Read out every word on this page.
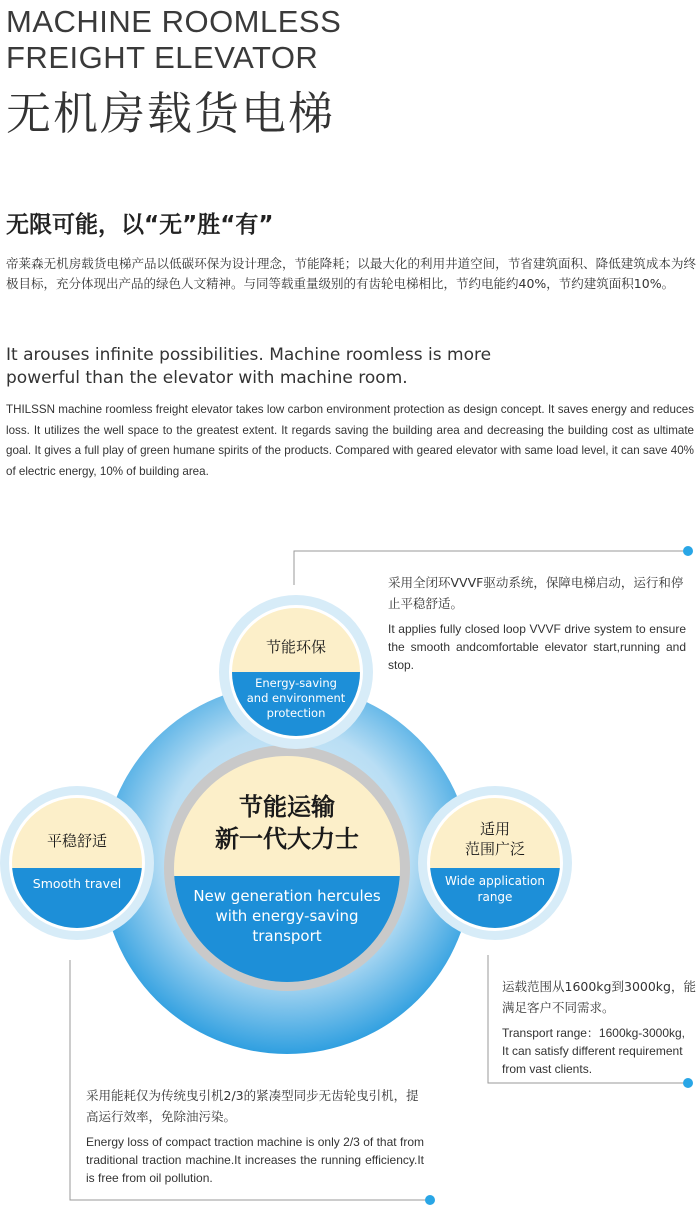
MACHINE ROOMLESS
FREIGHT ELEVATOR
无机房载货电梯
无限可能，以“无”胜“有”
帝莱森无机房载货电梯产品以低碳环保为设计理念，节能降耗；以最大化的利用井道空间，节省建筑面积、降低建筑成本为终极目标，充分体现出产品的绿色人文精神。与同等载重量级别的有齿轮电梯相比，节约电能约40%，节约建筑面积10%。
It arouses infinite possibilities. Machine roomless is more
powerful than the elevator with machine room.
THILSSN machine roomless freight elevator takes low carbon environment protection as design concept. It saves energy and reduces loss. It utilizes the well space to the greatest extent. It regards saving the building area and decreasing the building cost as ultimate goal. It gives a full play of green humane spirits of the products. Compared with geared elevator with same load level, it can save 40% of electric energy, 10% of building area.
节能运输
新一代大力士
New generation hercules
with energy-saving
transport
节能环保
Energy-saving
and environment
protection
平稳舒适
Smooth travel
适用
范围广泛
Wide application
range
采用全闭环VVVF驱动系统，保障电梯启动，运行和停止平稳舒适。
It applies fully closed loop VVVF drive system to ensure the smooth andcomfortable elevator start,running and stop.
运载范围从1600kg到3000kg，能满足客户不同需求。
Transport range：1600kg-3000kg,
It can satisfy different requirement
from vast clients.
采用能耗仅为传统曳引机2/3的紧凑型同步无齿轮曳引机，提高运行效率，免除油污染。
Energy loss of compact traction machine is only 2/3 of that from traditional traction machine.It increases the running efficiency.It is free from oil pollution.
